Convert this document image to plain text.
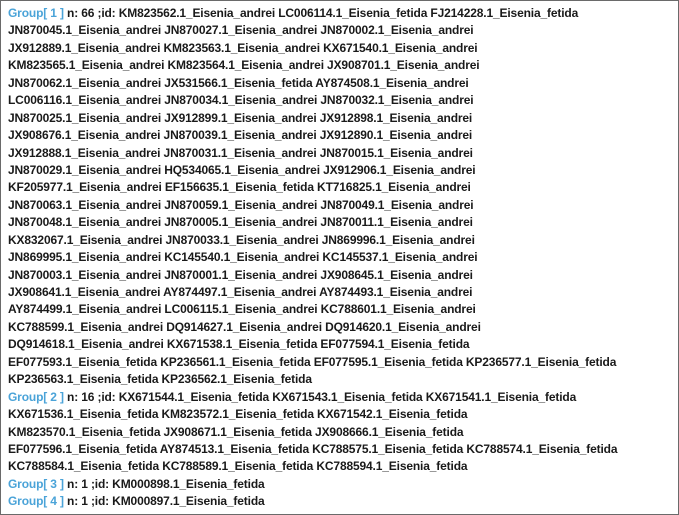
Group[ 1 ] n: 66 ;id: KM823562.1_Eisenia_andrei LC006114.1_Eisenia_fetida FJ214228.1_Eisenia_fetida
JN870045.1_Eisenia_andrei JN870027.1_Eisenia_andrei JN870002.1_Eisenia_andrei
JX912889.1_Eisenia_andrei KM823563.1_Eisenia_andrei KX671540.1_Eisenia_andrei
KM823565.1_Eisenia_andrei KM823564.1_Eisenia_andrei JX908701.1_Eisenia_andrei
JN870062.1_Eisenia_andrei JX531566.1_Eisenia_fetida AY874508.1_Eisenia_andrei
LC006116.1_Eisenia_andrei JN870034.1_Eisenia_andrei JN870032.1_Eisenia_andrei
JN870025.1_Eisenia_andrei JX912899.1_Eisenia_andrei JX912898.1_Eisenia_andrei
JX908676.1_Eisenia_andrei JN870039.1_Eisenia_andrei JX912890.1_Eisenia_andrei
JX912888.1_Eisenia_andrei JN870031.1_Eisenia_andrei JN870015.1_Eisenia_andrei
JN870029.1_Eisenia_andrei HQ534065.1_Eisenia_andrei JX912906.1_Eisenia_andrei
KF205977.1_Eisenia_andrei EF156635.1_Eisenia_fetida KT716825.1_Eisenia_andrei
JN870063.1_Eisenia_andrei JN870059.1_Eisenia_andrei JN870049.1_Eisenia_andrei
JN870048.1_Eisenia_andrei JN870005.1_Eisenia_andrei JN870011.1_Eisenia_andrei
KX832067.1_Eisenia_andrei JN870033.1_Eisenia_andrei JN869996.1_Eisenia_andrei
JN869995.1_Eisenia_andrei KC145540.1_Eisenia_andrei KC145537.1_Eisenia_andrei
JN870003.1_Eisenia_andrei JN870001.1_Eisenia_andrei JX908645.1_Eisenia_andrei
JX908641.1_Eisenia_andrei AY874497.1_Eisenia_andrei AY874493.1_Eisenia_andrei
AY874499.1_Eisenia_andrei LC006115.1_Eisenia_andrei KC788601.1_Eisenia_andrei
KC788599.1_Eisenia_andrei DQ914627.1_Eisenia_andrei DQ914620.1_Eisenia_andrei
DQ914618.1_Eisenia_andrei KX671538.1_Eisenia_fetida EF077594.1_Eisenia_fetida
EF077593.1_Eisenia_fetida KP236561.1_Eisenia_fetida EF077595.1_Eisenia_fetida KP236577.1_Eisenia_fetida
KP236563.1_Eisenia_fetida KP236562.1_Eisenia_fetida
Group[ 2 ] n: 16 ;id: KX671544.1_Eisenia_fetida KX671543.1_Eisenia_fetida KX671541.1_Eisenia_fetida
KX671536.1_Eisenia_fetida KM823572.1_Eisenia_fetida KX671542.1_Eisenia_fetida
KM823570.1_Eisenia_fetida JX908671.1_Eisenia_fetida JX908666.1_Eisenia_fetida
EF077596.1_Eisenia_fetida AY874513.1_Eisenia_fetida KC788575.1_Eisenia_fetida KC788574.1_Eisenia_fetida
KC788584.1_Eisenia_fetida KC788589.1_Eisenia_fetida KC788594.1_Eisenia_fetida
Group[ 3 ] n: 1 ;id: KM000898.1_Eisenia_fetida
Group[ 4 ] n: 1 ;id: KM000897.1_Eisenia_fetida
